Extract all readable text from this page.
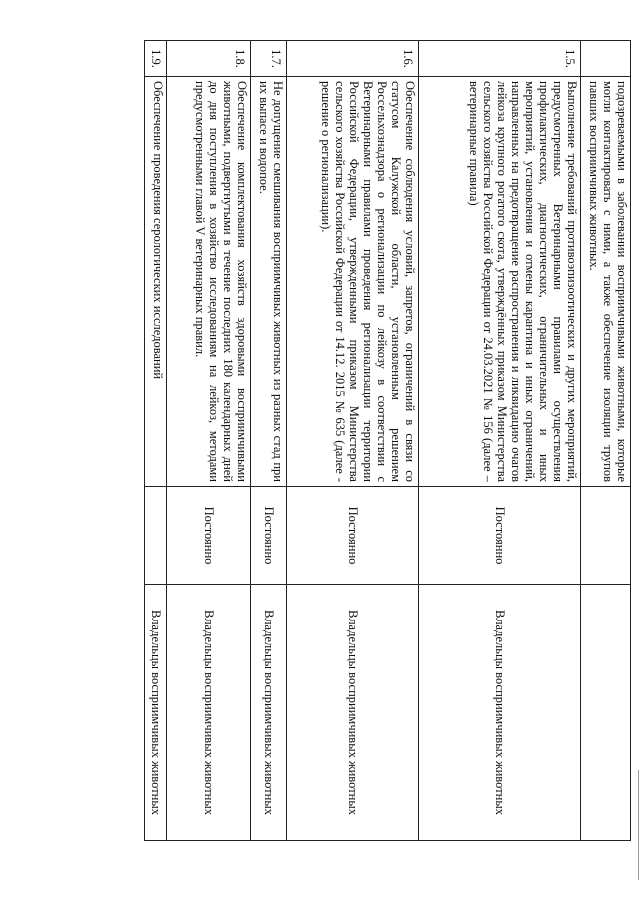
	подозреваемыми в заболевании восприимчивыми животными, которые могли контактировать с ними, а также обеспечение изоляции трупов павших восприимчивых животных.		
1.5.	Выполнение требований противоэпизоотических и других мероприятий, предусмотренных Ветеринарными правилами осуществления профилактических, диагностических, ограничительных и иных мероприятий, установления и отмены карантина и иных ограничений, направленных на предотвращение распространения и ликвидацию очагов лейкоза крупного рогатого скота, утверждённых приказом Министерства сельского хозяйства Российской Федерации от 24.03.2021 № 156 (далее – ветеринарные правила)	Постоянно	Владельцы восприимчивых животных
1.6.	Обеспечение соблюдения условий, запретов, ограничений в связи со статусом Калужской области, установленным решением Россельхознадзора о регионализации по лейкозу в соответствии с Ветеринарными правилами проведения регионализации территории Российской Федерации, утвержденными приказом Министерства сельского хозяйства Российской Федерации от 14.12. 2015 № 635 (далее - решение о регионализации).	Постоянно	Владельцы восприимчивых животных
1.7.	Не допущение смешивания восприимчивых животных из разных стад при их выпасе и водопое.	Постоянно	Владельцы восприимчивых животных
1.8.	Обеспечение комплектования хозяйств здоровыми восприимчивыми животными, подвергнутыми в течение последних 180 календарных дней до дня поступления в хозяйство исследованиям на лейкоз, методами предусмотренными главой V ветеринарных правил.	Постоянно	Владельцы восприимчивых животных
1.9.	Обеспечение проведения серологических исследований		Владельцы восприимчивых животных
